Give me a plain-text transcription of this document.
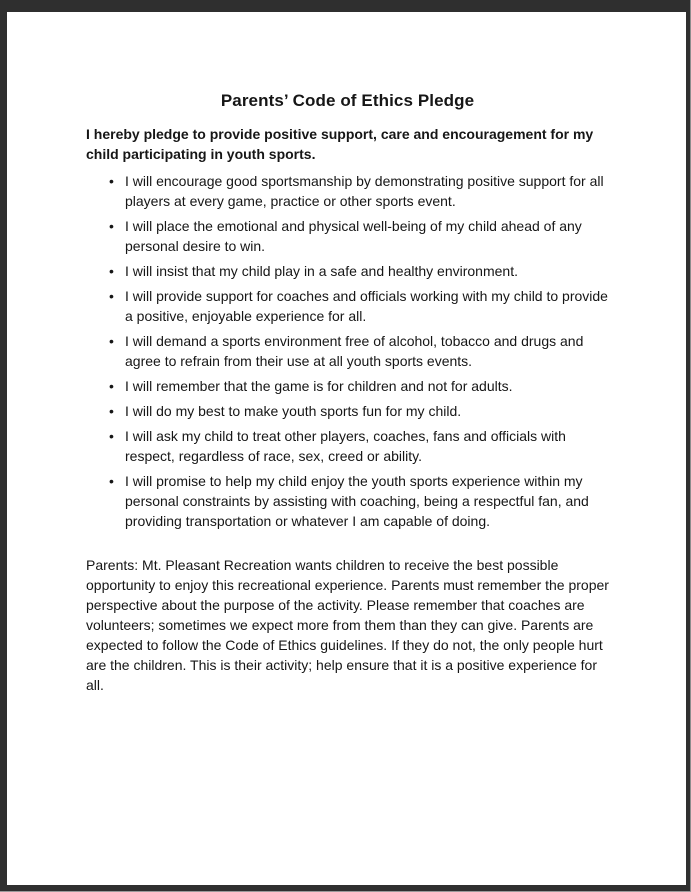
Parents’ Code of Ethics Pledge

I hereby pledge to provide positive support, care and encouragement for my child participating in youth sports.

• I will encourage good sportsmanship by demonstrating positive support for all players at every game, practice or other sports event.
• I will place the emotional and physical well-being of my child ahead of any personal desire to win.
• I will insist that my child play in a safe and healthy environment.
• I will provide support for coaches and officials working with my child to provide a positive, enjoyable experience for all.
• I will demand a sports environment free of alcohol, tobacco and drugs and agree to refrain from their use at all youth sports events.
• I will remember that the game is for children and not for adults.
• I will do my best to make youth sports fun for my child.
• I will ask my child to treat other players, coaches, fans and officials with respect, regardless of race, sex, creed or ability.
• I will promise to help my child enjoy the youth sports experience within my personal constraints by assisting with coaching, being a respectful fan, and providing transportation or whatever I am capable of doing.

Parents: Mt. Pleasant Recreation wants children to receive the best possible opportunity to enjoy this recreational experience. Parents must remember the proper perspective about the purpose of the activity. Please remember that coaches are volunteers; sometimes we expect more from them than they can give. Parents are expected to follow the Code of Ethics guidelines. If they do not, the only people hurt are the children. This is their activity; help ensure that it is a positive experience for all.
